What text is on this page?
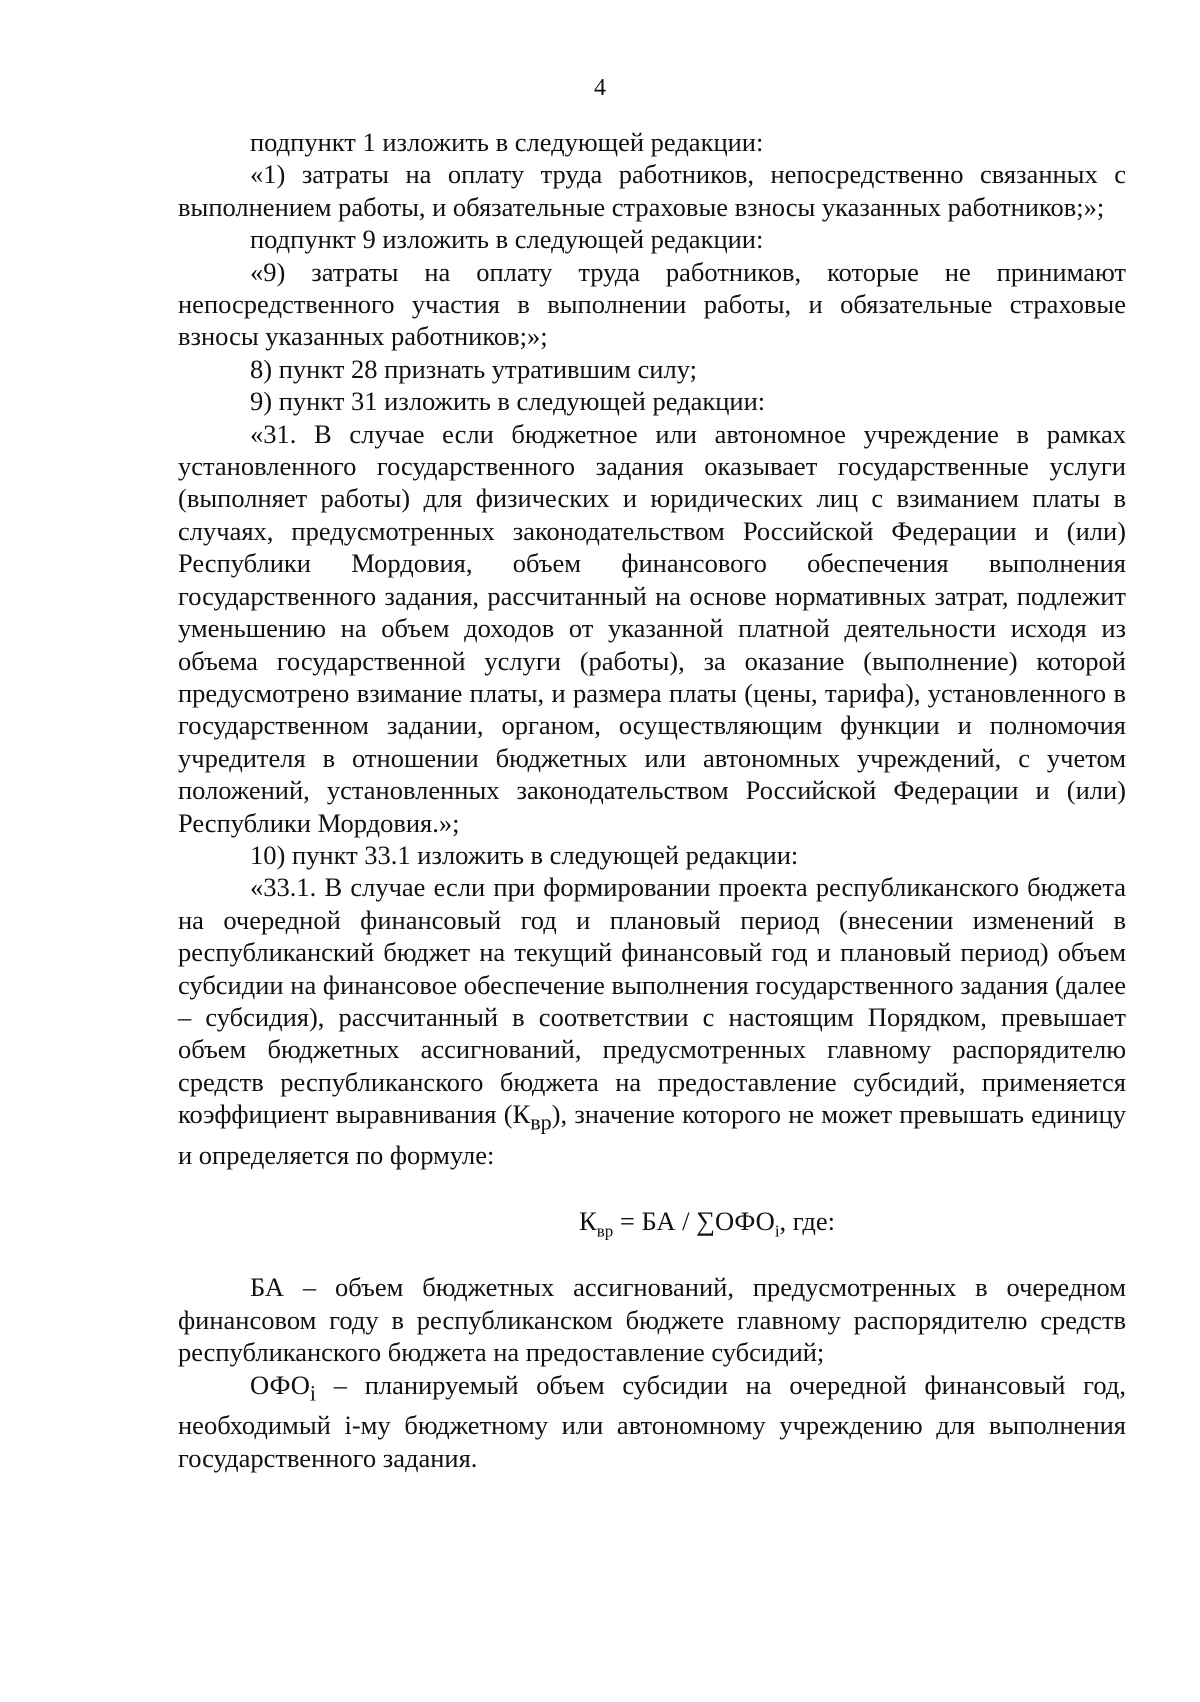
4

подпункт 1 изложить в следующей редакции:

«1) затраты на оплату труда работников, непосредственно связанных с выполнением работы, и обязательные страховые взносы указанных работников;»;

подпункт 9 изложить в следующей редакции:

«9) затраты на оплату труда работников, которые не принимают непосредственного участия в выполнении работы, и обязательные страховые взносы указанных работников;»;

8) пункт 28 признать утратившим силу;

9) пункт 31 изложить в следующей редакции:

«31. В случае если бюджетное или автономное учреждение в рамках установленного государственного задания оказывает государственные услуги (выполняет работы) для физических и юридических лиц с взиманием платы в случаях, предусмотренных законодательством Российской Федерации и (или) Республики Мордовия, объем финансового обеспечения выполнения государственного задания, рассчитанный на основе нормативных затрат, подлежит уменьшению на объем доходов от указанной платной деятельности исходя из объема государственной услуги (работы), за оказание (выполнение) которой предусмотрено взимание платы, и размера платы (цены, тарифа), установленного в государственном задании, органом, осуществляющим функции и полномочия учредителя в отношении бюджетных или автономных учреждений, с учетом положений, установленных законодательством Российской Федерации и (или) Республики Мордовия.»;

10) пункт 33.1 изложить в следующей редакции:

«33.1. В случае если при формировании проекта республиканского бюджета на очередной финансовый год и плановый период (внесении изменений в республиканский бюджет на текущий финансовый год и плановый период) объем субсидии на финансовое обеспечение выполнения государственного задания (далее – субсидия), рассчитанный в соответствии с настоящим Порядком, превышает объем бюджетных ассигнований, предусмотренных главному распорядителю средств республиканского бюджета на предоставление субсидий, применяется коэффициент выравнивания $(К_{вр})$, значение которого не может превышать единицу и определяется по формуле:

$К_{вр}$ = БА / $\sum ОФО_i$, где:

БА – объем бюджетных ассигнований, предусмотренных в очередном финансовом году в республиканском бюджете главному распорядителю средств республиканского бюджета на предоставление субсидий;

$ОФО_i$ – планируемый объем субсидии на очередной финансовый год, необходимый i-му бюджетному или автономному учреждению для выполнения государственного задания.
